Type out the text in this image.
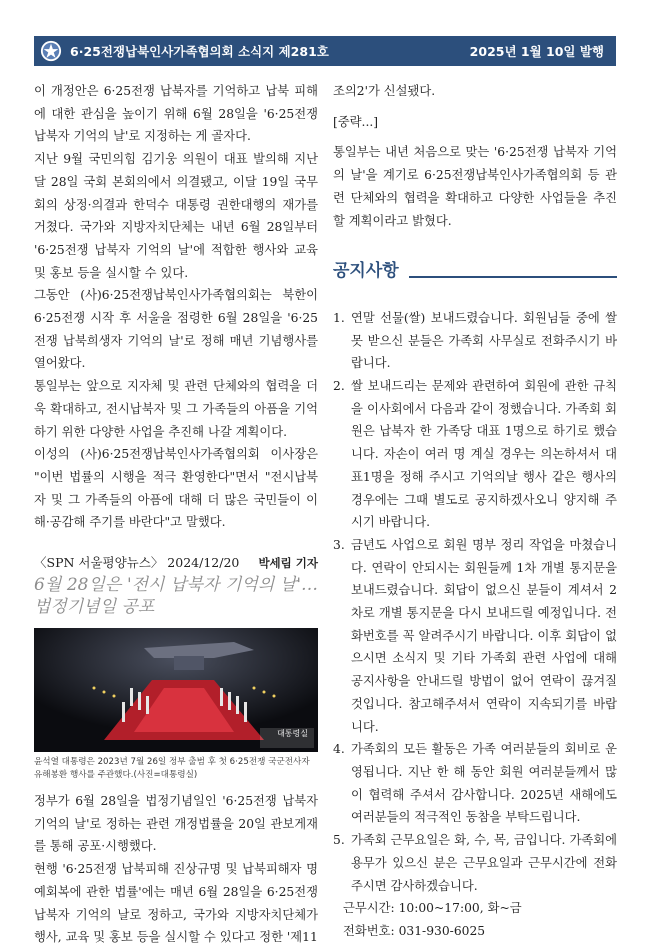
6·25전쟁납북인사가족협의회 소식지 제281호	2025년 1월 10일 발행

이 개정안은 6·25전쟁 납북자를 기억하고 납북 피해에 대한 관심을 높이기 위해 6월 28일을 '6·25전쟁 납북자 기억의 날'로 지정하는 게 골자다.

지난 9월 국민의힘 김기웅 의원이 대표 발의해 지난달 28일 국회 본회의에서 의결됐고, 이달 19일 국무회의 상정·의결과 한덕수 대통령 권한대행의 재가를 거쳤다. 국가와 지방자치단체는 내년 6월 28일부터 '6·25전쟁 납북자 기억의 날'에 적합한 행사와 교육 및 홍보 등을 실시할 수 있다.

그동안 (사)6·25전쟁납북인사가족협의회는 북한이 6·25전쟁 시작 후 서울을 점령한 6월 28일을 '6·25전쟁 납북희생자 기억의 날'로 정해 매년 기념행사를 열어왔다.

통일부는 앞으로 지자체 및 관련 단체와의 협력을 더욱 확대하고, 전시납북자 및 그 가족들의 아픔을 기억하기 위한 다양한 사업을 추진해 나갈 계획이다.

이성의 (사)6·25전쟁납북인사가족협의회 이사장은 "이번 법률의 시행을 적극 환영한다"면서 "전시납북자 및 그 가족들의 아픔에 대해 더 많은 국민들이 이해·공감해 주기를 바란다"고 말했다.

〈SPN 서울평양뉴스〉 2024/12/20 박세림 기자
6월 28일은 '전시 납북자 기억의 날'… 법정기념일 공포
대통령실
윤석열 대통령은 2023년 7월 26일 정부 출범 후 첫 6·25전쟁 국군전사자 유해봉환 행사를 주관했다.(사진=대통령실)

정부가 6월 28일을 법정기념일인 '6·25전쟁 납북자 기억의 날'로 정하는 관련 개정법률을 20일 관보게재를 통해 공포·시행했다.

현행 '6·25전쟁 납북피해 진상규명 및 납북피해자 명예회복에 관한 법률'에는 매년 6월 28일을 6·25전쟁 납북자 기억의 날로 정하고, 국가와 지방자치단체가 행사, 교육 및 홍보 등을 실시할 수 있다고 정한 '제11

조의2'가 신설됐다.

[중략...]

통일부는 내년 처음으로 맞는 '6·25전쟁 납북자 기억의 날'을 계기로 6·25전쟁납북인사가족협의회 등 관련 단체와의 협력을 확대하고 다양한 사업들을 추진할 계획이라고 밝혔다.

공지사항
1. 연말 선물(쌀) 보내드렸습니다. 회원님들 중에 쌀 못 받으신 분들은 가족회 사무실로 전화주시기 바랍니다.
2. 쌀 보내드리는 문제와 관련하여 회원에 관한 규칙을 이사회에서 다음과 같이 정했습니다. 가족회 회원은 납북자 한 가족당 대표 1명으로 하기로 했습니다. 자손이 여러 명 계실 경우는 의논하셔서 대표1명을 정해 주시고 기억의날 행사 같은 행사의 경우에는 그때 별도로 공지하겠사오니 양지해 주시기 바랍니다.
3. 금년도 사업으로 회원 명부 정리 작업을 마쳤습니다. 연락이 안되시는 회원들께 1차 개별 통지문을 보내드렸습니다. 회답이 없으신 분들이 계셔서 2차로 개별 통지문을 다시 보내드릴 예정입니다. 전화번호를 꼭 알려주시기 바랍니다. 이후 회답이 없으시면 소식지 및 기타 가족회 관련 사업에 대해 공지사항을 안내드릴 방법이 없어 연락이 끊겨질 것입니다. 참고해주셔서 연락이 지속되기를 바랍니다.
4. 가족회의 모든 활동은 가족 여러분들의 회비로 운영됩니다. 지난 한 해 동안 회원 여러분들께서 많이 협력해 주셔서 감사합니다. 2025년 새해에도 여러분들의 적극적인 동참을 부탁드립니다.
5. 가족회 근무요일은 화, 수, 목, 금입니다. 가족회에 용무가 있으신 분은 근무요일과 근무시간에 전화 주시면 감사하겠습니다.
근무시간: 10:00~17:00, 화~금
전화번호: 031-930-6025
